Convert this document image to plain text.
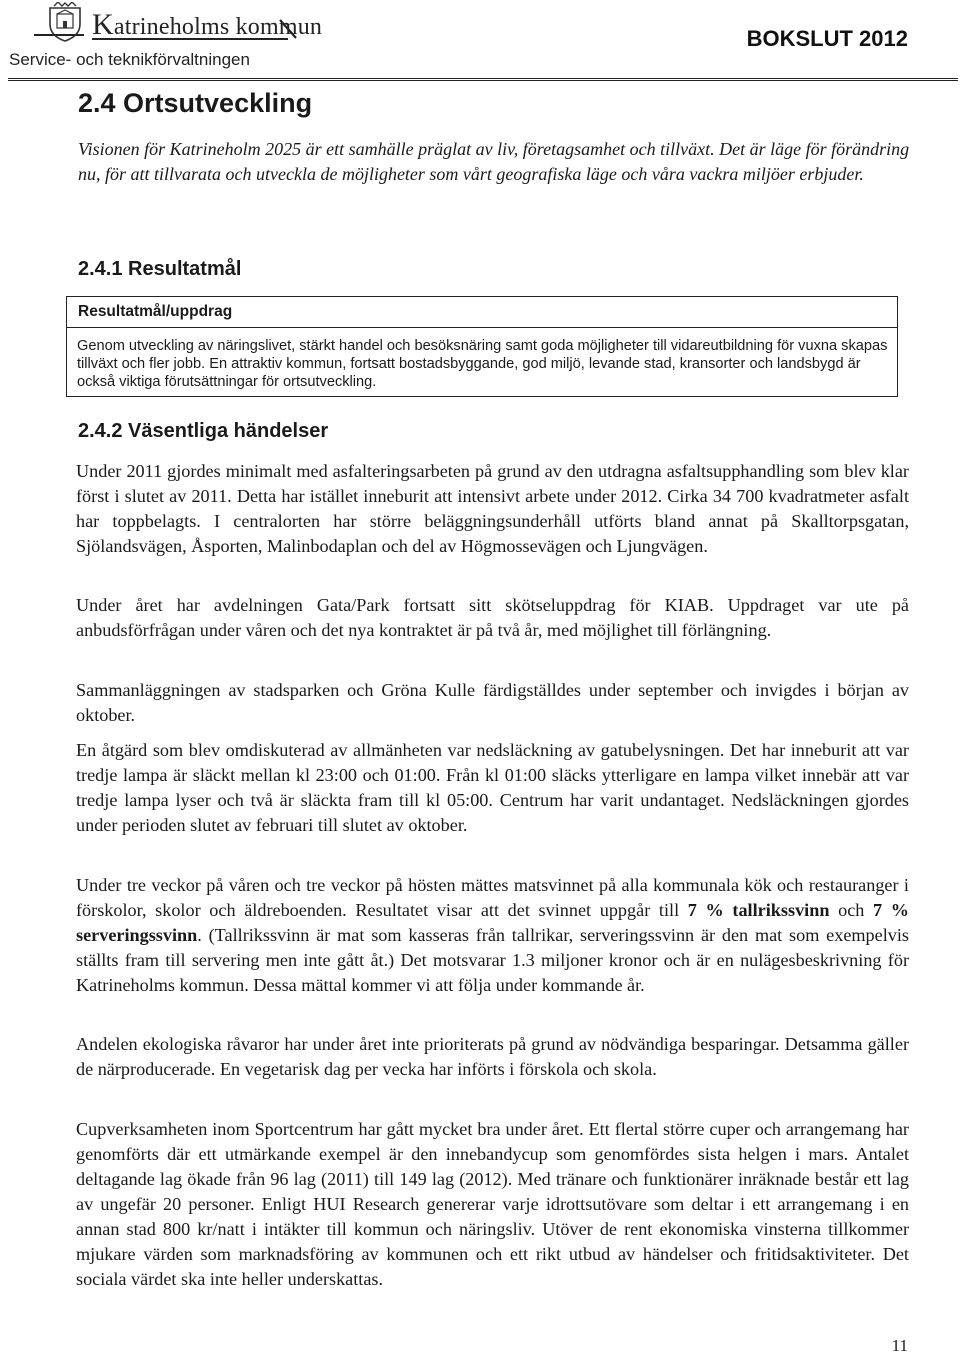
Katrineholms kommun
Service- och teknikförvaltningen
BOKSLUT 2012
2.4 Ortsutveckling

Visionen för Katrineholm 2025 är ett samhälle präglat av liv, företagsamhet och tillväxt. Det är läge för förändring nu, för att tillvarata och utveckla de möjligheter som vårt geografiska läge och våra vackra miljöer erbjuder.

2.4.1 Resultatmål
Resultatmål/uppdrag

Genom utveckling av näringslivet, stärkt handel och besöksnäring samt goda möjligheter till vidareutbildning för vuxna skapas tillväxt och fler jobb. En attraktiv kommun, fortsatt bostadsbyggande, god miljö, levande stad, kransorter och landsbygd är också viktiga förutsättningar för ortsutveckling.

2.4.2 Väsentliga händelser

Under 2011 gjordes minimalt med asfalteringsarbeten på grund av den utdragna asfaltsupphandling som blev klar först i slutet av 2011. Detta har istället inneburit att intensivt arbete under 2012. Cirka 34 700 kvadratmeter asfalt har toppbelagts. I centralorten har större beläggningsunderhåll utförts bland annat på Skalltorpsgatan, Sjölandsvägen, Åsporten, Malinbodaplan och del av Högmossevägen och Ljungvägen.

Under året har avdelningen Gata/Park fortsatt sitt skötseluppdrag för KIAB. Uppdraget var ute på anbudsförfrågan under våren och det nya kontraktet är på två år, med möjlighet till förlängning.

Sammanläggningen av stadsparken och Gröna Kulle färdigställdes under september och invigdes i början av oktober.

En åtgärd som blev omdiskuterad av allmänheten var nedsläckning av gatubelysningen. Det har inneburit att var tredje lampa är släckt mellan kl 23:00 och 01:00. Från kl 01:00 släcks ytterligare en lampa vilket innebär att var tredje lampa lyser och två är släckta fram till kl 05:00. Centrum har varit undantaget. Nedsläckningen gjordes under perioden slutet av februari till slutet av oktober.

Under tre veckor på våren och tre veckor på hösten mättes matsvinnet på alla kommunala kök och restauranger i förskolor, skolor och äldreboenden. Resultatet visar att det svinnet uppgår till 7 % tallrikssvinn och 7 % serveringssvinn. (Tallrikssvinn är mat som kasseras från tallrikar, serveringssvinn är den mat som exempelvis ställts fram till servering men inte gått åt.) Det motsvarar 1.3 miljoner kronor och är en nulägesbeskrivning för Katrineholms kommun. Dessa mättal kommer vi att följa under kommande år.

Andelen ekologiska råvaror har under året inte prioriterats på grund av nödvändiga besparingar. Detsamma gäller de närproducerade. En vegetarisk dag per vecka har införts i förskola och skola.

Cupverksamheten inom Sportcentrum har gått mycket bra under året. Ett flertal större cuper och arrangemang har genomförts där ett utmärkande exempel är den innebandycup som genomfördes sista helgen i mars. Antalet deltagande lag ökade från 96 lag (2011) till 149 lag (2012). Med tränare och funktionärer inräknade består ett lag av ungefär 20 personer. Enligt HUI Research genererar varje idrottsutövare som deltar i ett arrangemang i en annan stad 800 kr/natt i intäkter till kommun och näringsliv. Utöver de rent ekonomiska vinsterna tillkommer mjukare värden som marknadsföring av kommunen och ett rikt utbud av händelser och fritidsaktiviteter. Det sociala värdet ska inte heller underskattas.

11
